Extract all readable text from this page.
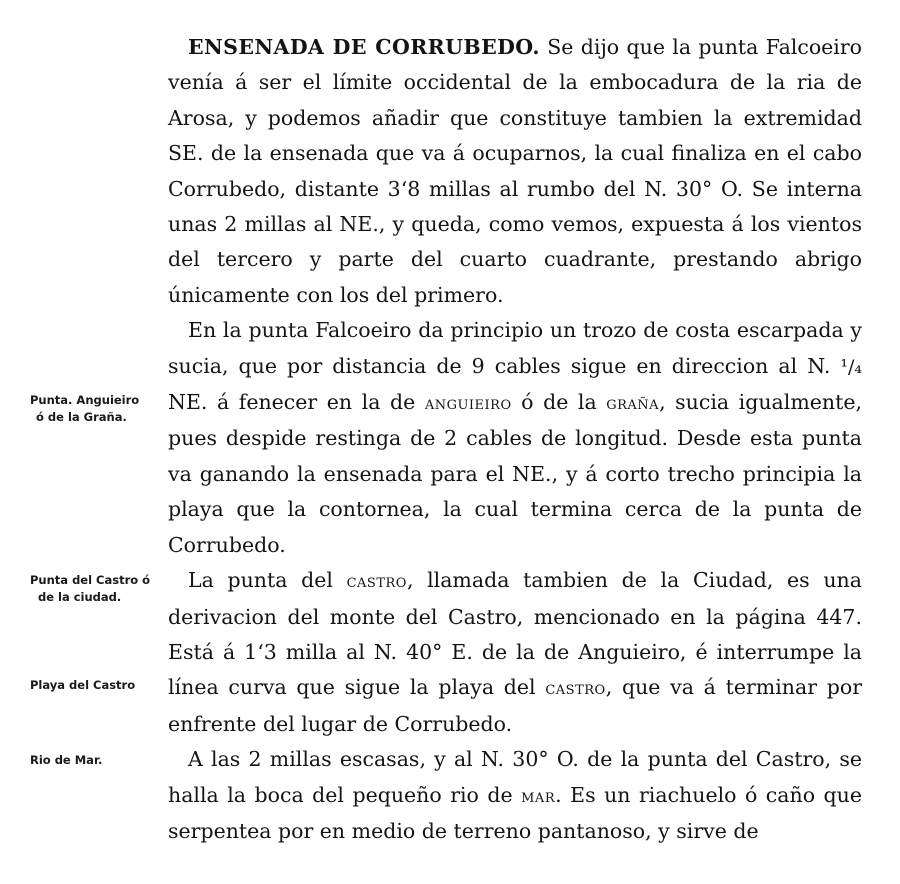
Punta. Anguieiro
ó de la Graña.
Punta del Castro ó
de la ciudad.
Playa del Castro
Rio de Mar.

ENSENADA DE CORRUBEDO. Se dijo que la punta Falcoeiro venía á ser el límite occidental de la embocadura de la ria de Arosa, y podemos añadir que constituye tambien la extremidad SE. de la ensenada que va á ocuparnos, la cual finaliza en el cabo Corrubedo, distante 3‘8 millas al rumbo del N. 30° O. Se interna unas 2 millas al NE., y queda, como vemos, expuesta á los vientos del tercero y parte del cuarto cuadrante, prestando abrigo únicamente con los del primero.

En la punta Falcoeiro da principio un trozo de costa escarpada y sucia, que por distancia de 9 cables sigue en direccion al N. ¹/₄ NE. á fenecer en la de anguieiro ó de la graña, sucia igualmente, pues despide restinga de 2 cables de longitud. Desde esta punta va ganando la ensenada para el NE., y á corto trecho principia la playa que la contornea, la cual termina cerca de la punta de Corrubedo.

La punta del castro, llamada tambien de la Ciudad, es una derivacion del monte del Castro, mencionado en la página 447. Está á 1‘3 milla al N. 40° E. de la de Anguieiro, é interrumpe la línea curva que sigue la playa del castro, que va á terminar por enfrente del lugar de Corrubedo.

A las 2 millas escasas, y al N. 30° O. de la punta del Castro, se halla la boca del pequeño rio de mar. Es un riachuelo ó caño que serpentea por en medio de terreno pantanoso, y sirve de
